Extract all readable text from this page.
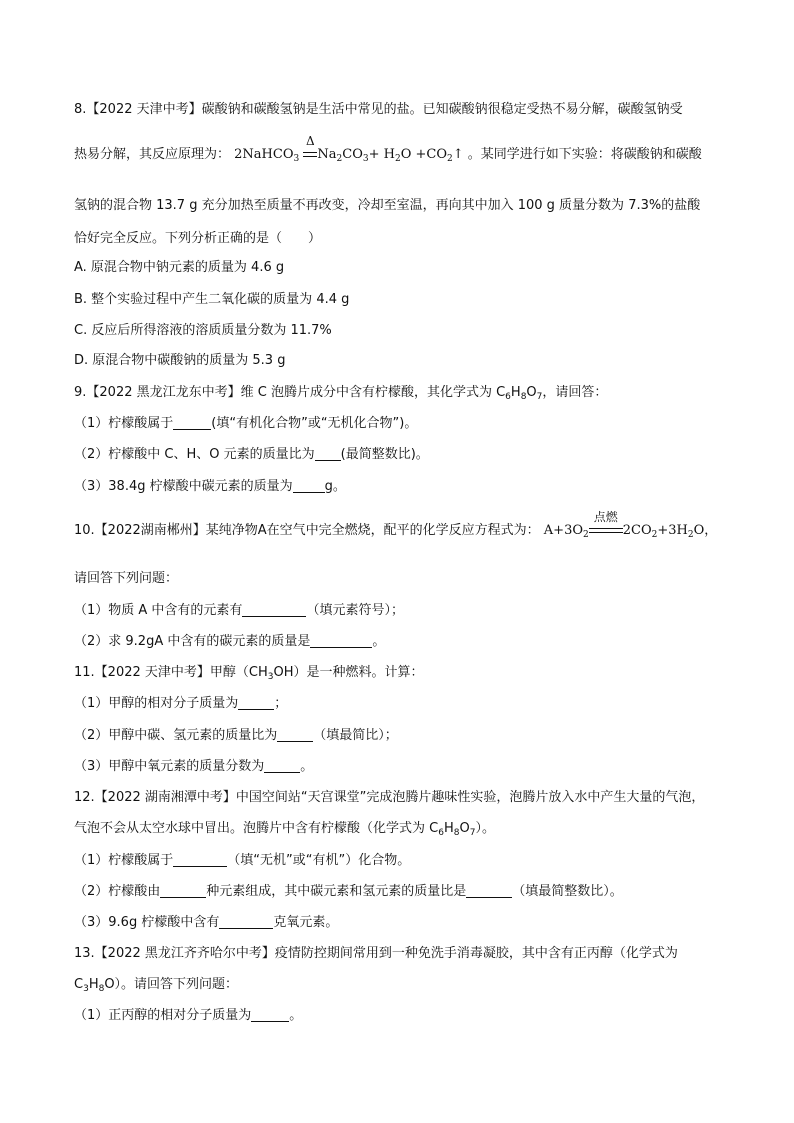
8.【2022 天津中考】碳酸钠和碳酸氢钠是生活中常见的盐。已知碳酸钠很稳定受热不易分解，碳酸氢钠受
热易分解，其反应原理为： 2NaHCO$_3$
Δ
$Na_2CO_3+ H_2O$ $+CO_2↑$ 。某同学进行如下实验：将碳酸钠和碳酸
氢钠的混合物 13.7 g 充分加热至质量不再改变，冷却至室温，再向其中加入 100 g 质量分数为 7.3%的盐酸
恰好完全反应。下列分析正确的是（　　）
A. 原混合物中钠元素的质量为 4.6 g
B. 整个实验过程中产生二氧化碳的质量为 4.4 g
C. 反应后所得溶液的溶质质量分数为 11.7%
D. 原混合物中碳酸钠的质量为 5.3 g
9.【2022 黑龙江龙东中考】维 C 泡腾片成分中含有柠檬酸，其化学式为 $C_6H_8O_7$，请回答：
（1）柠檬酸属于	(填“有机化合物”或“无机化合物”)。
（2）柠檬酸中 C、H、O 元素的质量比为 (最简整数比)。
（3）38.4g 柠檬酸中碳元素的质量为 g。
10.【2022湖南郴州】某纯净物A在空气中完全燃烧，配平的化学反应方程式为： $A+3O_2$
点燃
$2CO_2+3H_2O$，
请回答下列问题：
（1）物质 A 中含有的元素有	（填元素符号）；
（2）求 9.2gA 中含有的碳元素的质量是	。
11.【2022 天津中考】甲醇$(CH_3OH)$是一种燃料。计算：
（1）甲醇的相对分子质量为	；
（2）甲醇中碳、氢元素的质量比为	（填最简比）；
（3）甲醇中氧元素的质量分数为	。
12.【2022 湖南湘潭中考】中国空间站“天宫课堂”完成泡腾片趣味性实验，泡腾片放入水中产生大量的气泡，
气泡不会从太空水球中冒出。泡腾片中含有柠檬酸（化学式为 $C_6H_8O_7$）。
（1）柠檬酸属于	（填“无机”或“有机”）化合物。
（2）柠檬酸由	种元素组成，其中碳元素和氢元素的质量比是	（填最简整数比）。
（3）9.6g 柠檬酸中含有	克氧元素。
13.【2022 黑龙江齐齐哈尔中考】疫情防控期间常用到一种免洗手消毒凝胶，其中含有正丙醇（化学式为
$C_3H_8O$）。请回答下列问题：
（1）正丙醇的相对分子质量为	。
